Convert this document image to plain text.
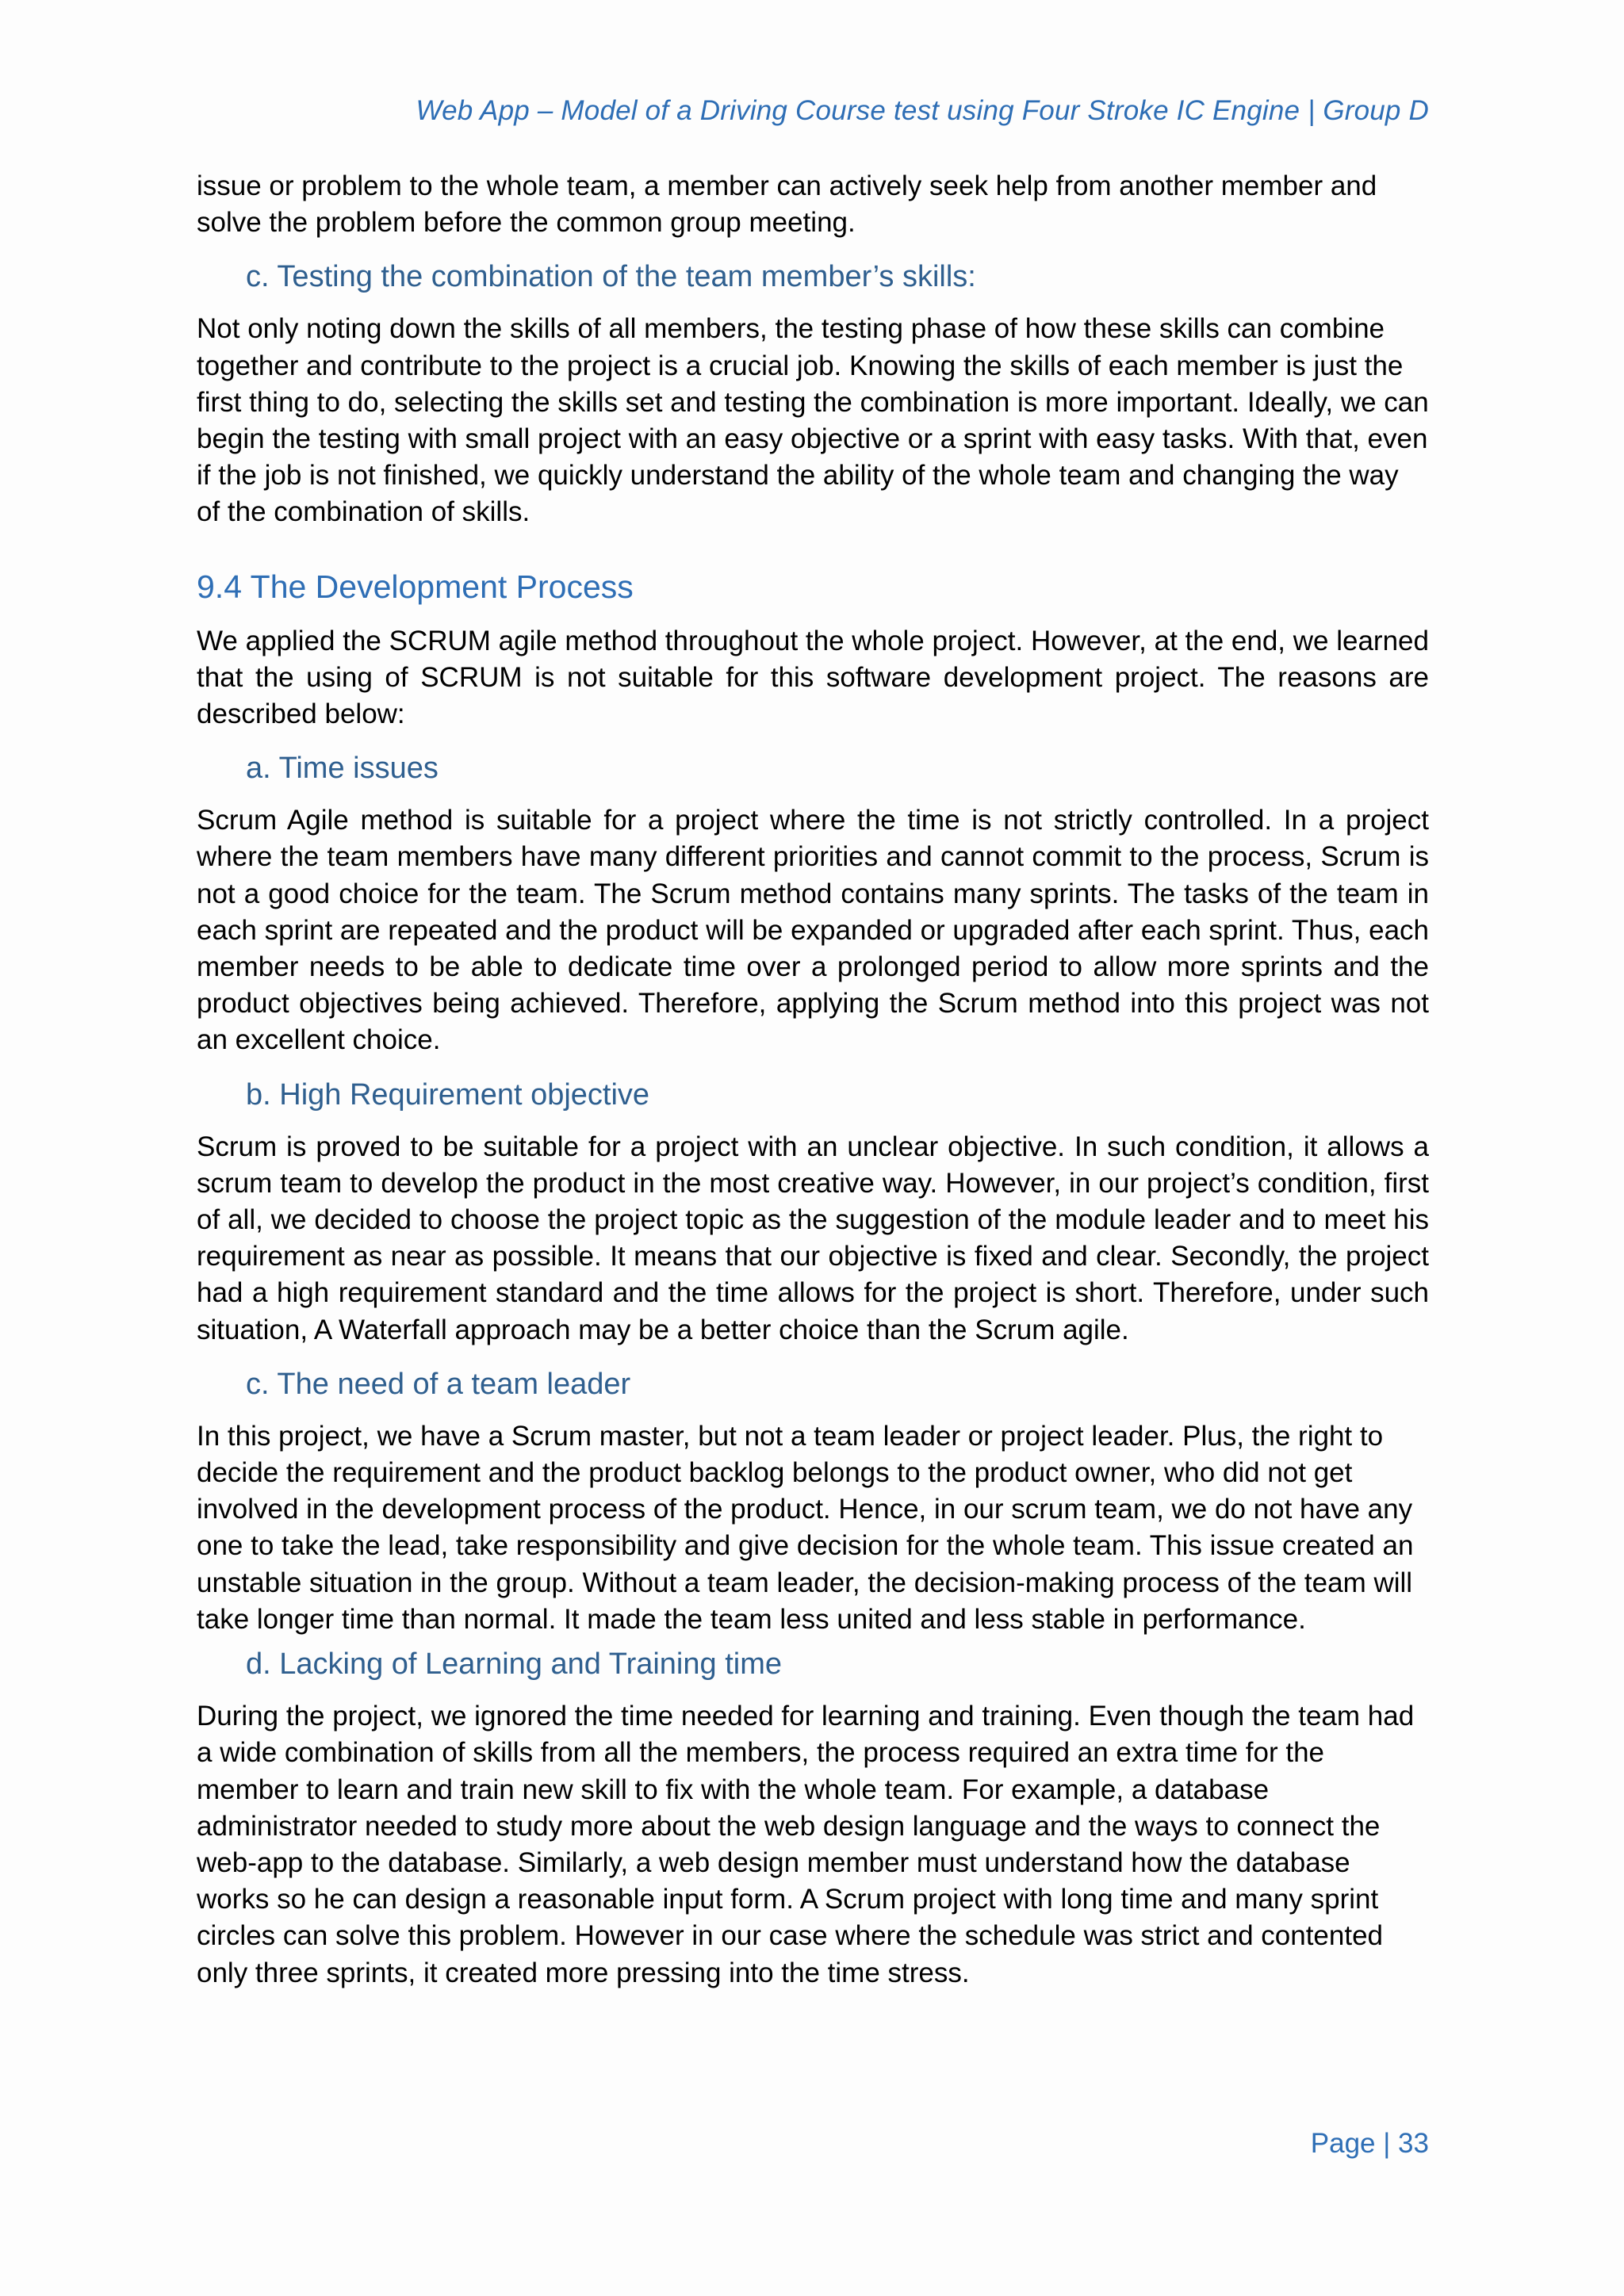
Web App – Model of a Driving Course test using Four Stroke IC Engine | Group D

issue or problem to the whole team, a member can actively seek help from another member and solve the problem before the common group meeting.

c. Testing the combination of the team member’s skills:

Not only noting down the skills of all members, the testing phase of how these skills can combine together and contribute to the project is a crucial job. Knowing the skills of each member is just the first thing to do, selecting the skills set and testing the combination is more important. Ideally, we can begin the testing with small project with an easy objective or a sprint with easy tasks. With that, even if the job is not finished, we quickly understand the ability of the whole team and changing the way of the combination of skills.

9.4 The Development Process

We applied the SCRUM agile method throughout the whole project. However, at the end, we learned that the using of SCRUM is not suitable for this software development project. The reasons are described below:

a. Time issues

Scrum Agile method is suitable for a project where the time is not strictly controlled. In a project where the team members have many different priorities and cannot commit to the process, Scrum is not a good choice for the team. The Scrum method contains many sprints. The tasks of the team in each sprint are repeated and the product will be expanded or upgraded after each sprint. Thus, each member needs to be able to dedicate time over a prolonged period to allow more sprints and the product objectives being achieved. Therefore, applying the Scrum method into this project was not an excellent choice.

b. High Requirement objective

Scrum is proved to be suitable for a project with an unclear objective. In such condition, it allows a scrum team to develop the product in the most creative way. However, in our project’s condition, first of all, we decided to choose the project topic as the suggestion of the module leader and to meet his requirement as near as possible. It means that our objective is fixed and clear. Secondly, the project had a high requirement standard and the time allows for the project is short. Therefore, under such situation, A Waterfall approach may be a better choice than the Scrum agile.

c. The need of a team leader

In this project, we have a Scrum master, but not a team leader or project leader. Plus, the right to decide the requirement and the product backlog belongs to the product owner, who did not get involved in the development process of the product. Hence, in our scrum team, we do not have any one to take the lead, take responsibility and give decision for the whole team. This issue created an unstable situation in the group. Without a team leader, the decision-making process of the team will take longer time than normal. It made the team less united and less stable in performance.

d. Lacking of Learning and Training time

During the project, we ignored the time needed for learning and training. Even though the team had a wide combination of skills from all the members, the process required an extra time for the member to learn and train new skill to fix with the whole team. For example, a database administrator needed to study more about the web design language and the ways to connect the web-app to the database. Similarly, a web design member must understand how the database works so he can design a reasonable input form. A Scrum project with long time and many sprint circles can solve this problem. However in our case where the schedule was strict and contented only three sprints, it created more pressing into the time stress.

Page | 33
